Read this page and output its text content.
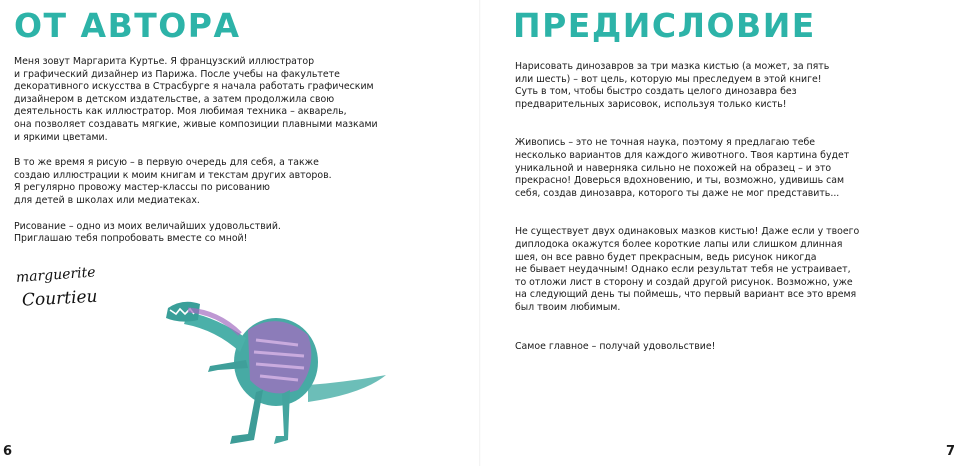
ОТ АВТОРА

Меня зовут Маргарита Куртье. Я французский иллюстратор
и графический дизайнер из Парижа. После учебы на факультете
декоративного искусства в Страсбурге я начала работать графическим
дизайнером в детском издательстве, а затем продолжила свою
деятельность как иллюстратор. Моя любимая техника – акварель,
она позволяет создавать мягкие, живые композиции плавными мазками
и яркими цветами.

В то же время я рисую – в первую очередь для себя, а также
создаю иллюстрации к моим книгам и текстам других авторов.
Я регулярно провожу мастер-классы по рисованию
для детей в школах или медиатеках.

Рисование – одно из моих величайших удовольствий.
Приглашаю тебя попробовать вместе со мной!

marguerite
Courtieu

6

ПРЕДИСЛОВИЕ

Нарисовать динозавров за три мазка кистью (а может, за пять
или шесть) – вот цель, которую мы преследуем в этой книге!
Суть в том, чтобы быстро создать целого динозавра без
предварительных зарисовок, используя только кисть!

Живопись – это не точная наука, поэтому я предлагаю тебе
несколько вариантов для каждого животного. Твоя картина будет
уникальной и наверняка сильно не похожей на образец – и это
прекрасно! Доверься вдохновению, и ты, возможно, удивишь сам
себя, создав динозавра, которого ты даже не мог представить...

Не существует двух одинаковых мазков кистью! Даже если у твоего
диплодока окажутся более короткие лапы или слишком длинная
шея, он все равно будет прекрасным, ведь рисунок никогда
не бывает неудачным! Однако если результат тебя не устраивает,
то отложи лист в сторону и создай другой рисунок. Возможно, уже
на следующий день ты поймешь, что первый вариант все это время
был твоим любимым.

Самое главное – получай удовольствие!

7
